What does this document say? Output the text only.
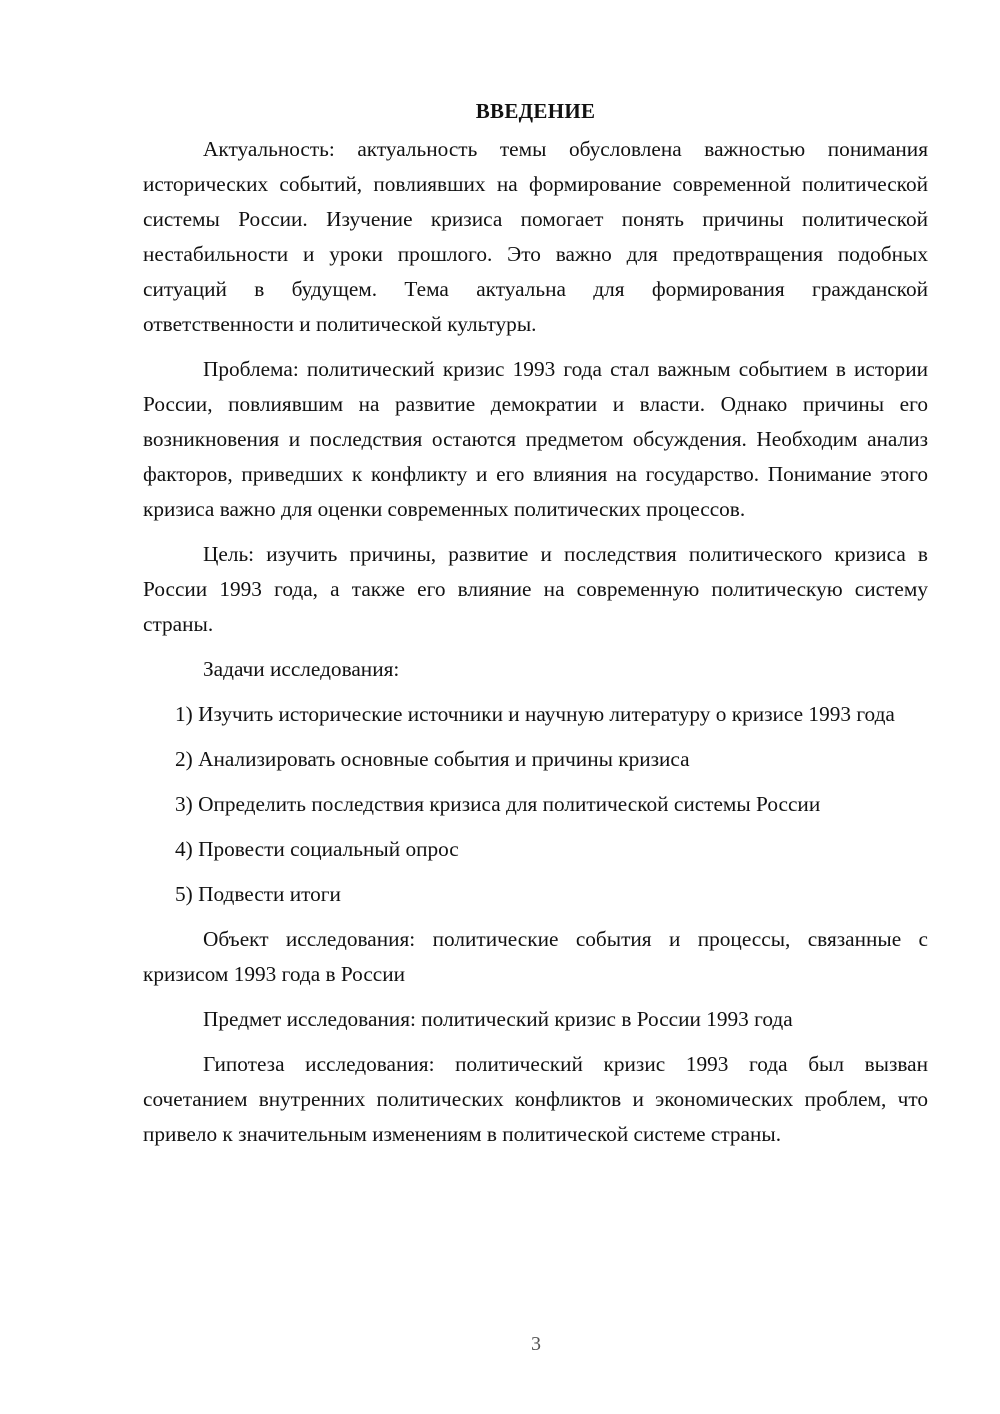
ВВЕДЕНИЕ

Актуальность: актуальность темы обусловлена важностью понимания исторических событий, повлиявших на формирование современной политической системы России. Изучение кризиса помогает понять причины политической нестабильности и уроки прошлого. Это важно для предотвращения подобных ситуаций в будущем. Тема актуальна для формирования гражданской ответственности и политической культуры.

Проблема: политический кризис 1993 года стал важным событием в истории России, повлиявшим на развитие демократии и власти. Однако причины его возникновения и последствия остаются предметом обсуждения. Необходим анализ факторов, приведших к конфликту и его влияния на государство. Понимание этого кризиса важно для оценки современных политических процессов.

Цель: изучить причины, развитие и последствия политического кризиса в России 1993 года, а также его влияние на современную политическую систему страны.

Задачи исследования:

1) Изучить исторические источники и научную литературу о кризисе 1993 года

2) Анализировать основные события и причины кризиса

3) Определить последствия кризиса для политической системы России

4) Провести социальный опрос

5) Подвести итоги

Объект исследования: политические события и процессы, связанные с кризисом 1993 года в России

Предмет исследования: политический кризис в России 1993 года

Гипотеза исследования: политический кризис 1993 года был вызван сочетанием внутренних политических конфликтов и экономических проблем, что привело к значительным изменениям в политической системе страны.

3
